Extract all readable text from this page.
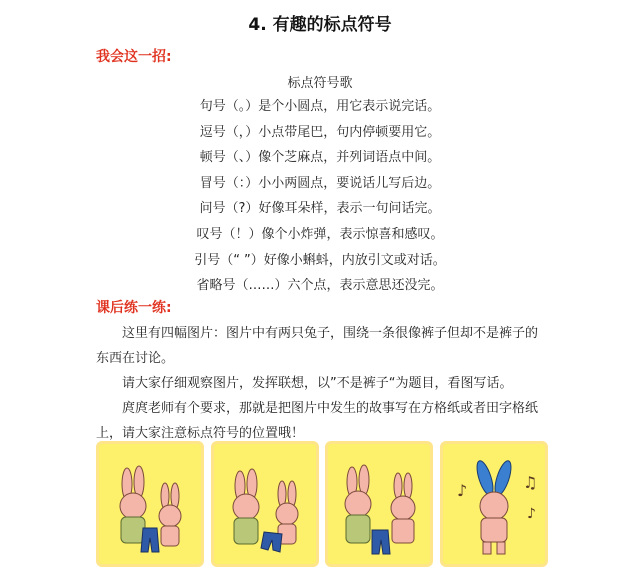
4. 有趣的标点符号
我会这一招:
标点符号歌
句号（。）是个小圆点，用它表示说完话。
逗号（，）小点带尾巴，句内停顿要用它。
顿号（、）像个芝麻点，并列词语点中间。
冒号（：）小小两圆点，要说话儿写后边。
问号（?）好像耳朵样，表示一句问话完。
叹号（！）像个小炸弹，表示惊喜和感叹。
引号（“ ”）好像小蝌蚪，内放引文或对话。
省略号（……）六个点，表示意思还没完。
课后练一练:

这里有四幅图片：图片中有两只兔子，围绕一条很像裤子但却不是裤子的东西在讨论。

请大家仔细观察图片，发挥联想，以”不是裤子“为题目，看图写话。

庹庹老师有个要求，那就是把图片中发生的故事写在方格纸或者田字格纸上，请大家注意标点符号的位置哦！

♪	♫
♪
